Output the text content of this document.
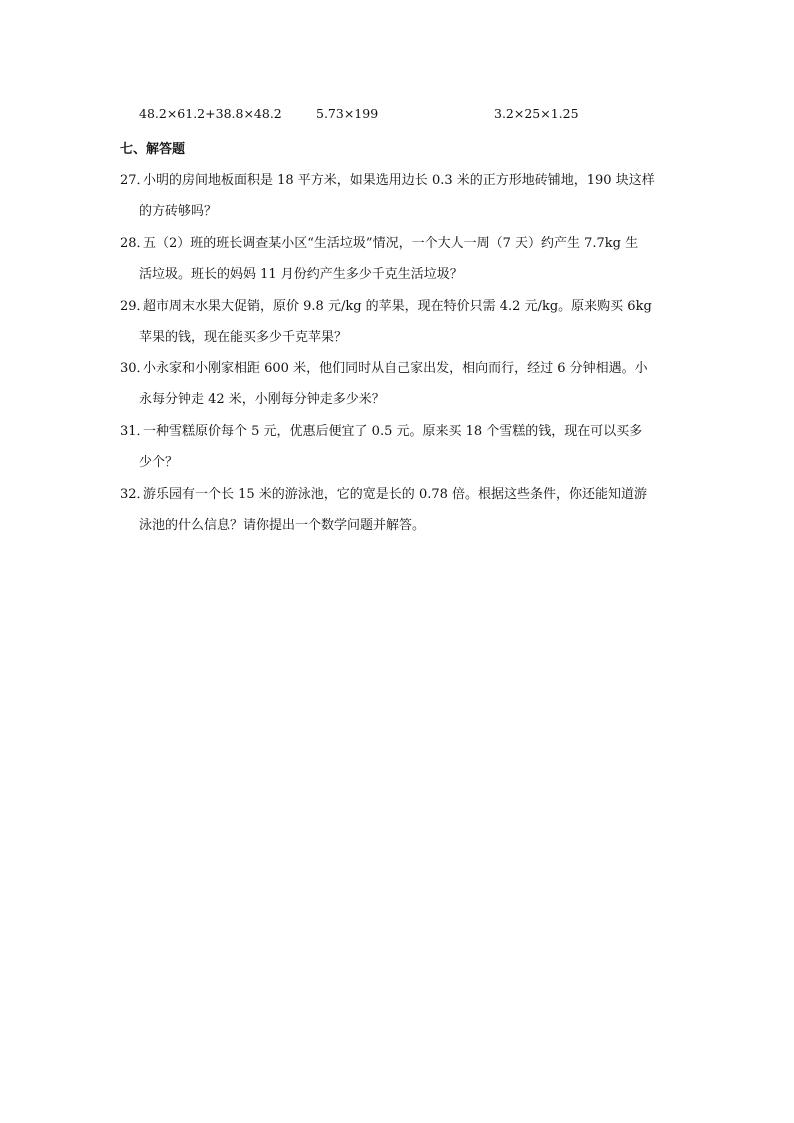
48.2×61.2+38.8×48.2	5.73×199	3.2×25×1.25
七、解答题
27．
小明的房间地板面积是 18 平方米，如果选用边长 0.3 米的正方形地砖铺地，190 块这样
的方砖够吗？
28．
五（2）班的班长调查某小区“生活垃圾”情况，一个大人一周（7 天）约产生 7.7kg 生
活垃圾。班长的妈妈 11 月份约产生多少千克生活垃圾？
29．
超市周末水果大促销，原价 9.8 元/kg 的苹果，现在特价只需 4.2 元/kg。原来购买 6kg
苹果的钱，现在能买多少千克苹果？
30．
小永家和小刚家相距 600 米，他们同时从自己家出发，相向而行，经过 6 分钟相遇。小
永每分钟走 42 米，小刚每分钟走多少米？
31．
一种雪糕原价每个 5 元，优惠后便宜了 0.5 元。原来买 18 个雪糕的钱，现在可以买多
少个？
32．
游乐园有一个长 15 米的游泳池，它的宽是长的 0.78 倍。根据这些条件，你还能知道游
泳池的什么信息？请你提出一个数学问题并解答。
